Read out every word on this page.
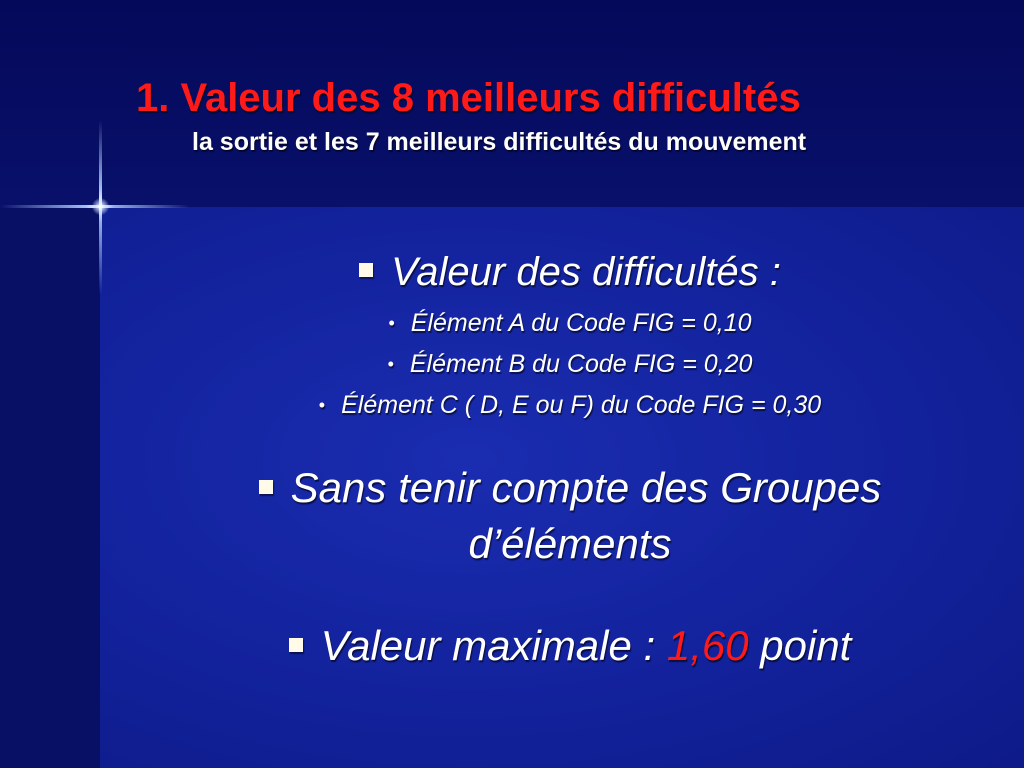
1. Valeur des 8 meilleurs difficultés
la sortie et les 7 meilleurs difficultés du mouvement
Valeur des difficultés :
• Élément A du Code FIG = 0,10
• Élément B du Code FIG = 0,20
• Élément C ( D, E ou F) du Code FIG = 0,30
Sans tenir compte des Groupes
d’éléments
Valeur maximale : 1,60 point
